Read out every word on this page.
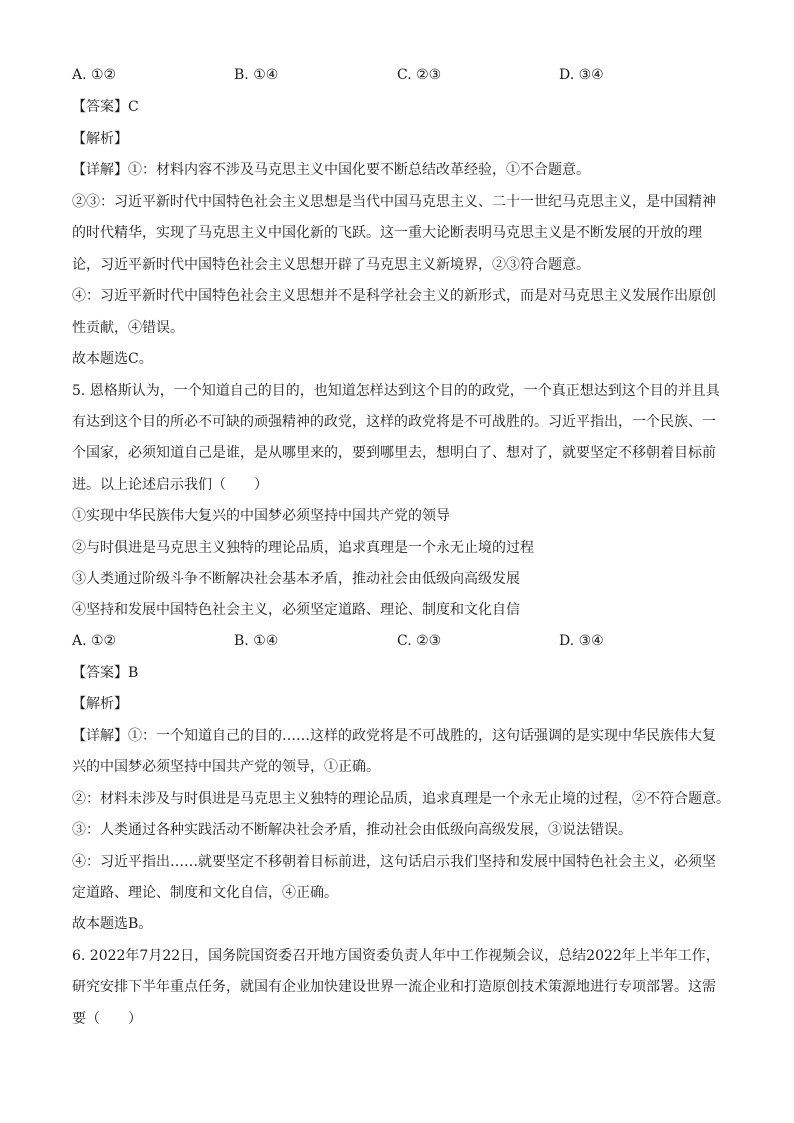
A. ①②	B. ①④	C. ②③	D. ③④
【答案】C
【解析】
【详解】①：材料内容不涉及马克思主义中国化要不断总结改革经验，①不合题意。
②③：习近平新时代中国特色社会主义思想是当代中国马克思主义、二十一世纪马克思主义，是中国精神
的时代精华，实现了马克思主义中国化新的飞跃。这一重大论断表明马克思主义是不断发展的开放的理
论，习近平新时代中国特色社会主义思想开辟了马克思主义新境界，②③符合题意。
④：习近平新时代中国特色社会主义思想并不是科学社会主义的新形式，而是对马克思主义发展作出原创
性贡献，④错误。
故本题选C。
5. 恩格斯认为，一个知道自己的目的，也知道怎样达到这个目的的政党，一个真正想达到这个目的并且具
有达到这个目的所必不可缺的顽强精神的政党，这样的政党将是不可战胜的。习近平指出，一个民族、一
个国家，必须知道自己是谁，是从哪里来的，要到哪里去，想明白了、想对了，就要坚定不移朝着目标前
进。以上论述启示我们（　　）
①实现中华民族伟大复兴的中国梦必须坚持中国共产党的领导
②与时俱进是马克思主义独特的理论品质，追求真理是一个永无止境的过程
③人类通过阶级斗争不断解决社会基本矛盾，推动社会由低级向高级发展
④坚持和发展中国特色社会主义，必须坚定道路、理论、制度和文化自信
A. ①②	B. ①④	C. ②③	D. ③④
【答案】B
【解析】
【详解】①：一个知道自己的目的……这样的政党将是不可战胜的，这句话强调的是实现中华民族伟大复
兴的中国梦必须坚持中国共产党的领导，①正确。
②：材料未涉及与时俱进是马克思主义独特的理论品质，追求真理是一个永无止境的过程，②不符合题意。
③：人类通过各种实践活动不断解决社会矛盾，推动社会由低级向高级发展，③说法错误。
④：习近平指出……就要坚定不移朝着目标前进，这句话启示我们坚持和发展中国特色社会主义，必须坚
定道路、理论、制度和文化自信，④正确。
故本题选B。
6. 2022年7月22日，国务院国资委召开地方国资委负责人年中工作视频会议，总结2022年上半年工作，
研究安排下半年重点任务，就国有企业加快建设世界一流企业和打造原创技术策源地进行专项部署。这需
要（　　）
